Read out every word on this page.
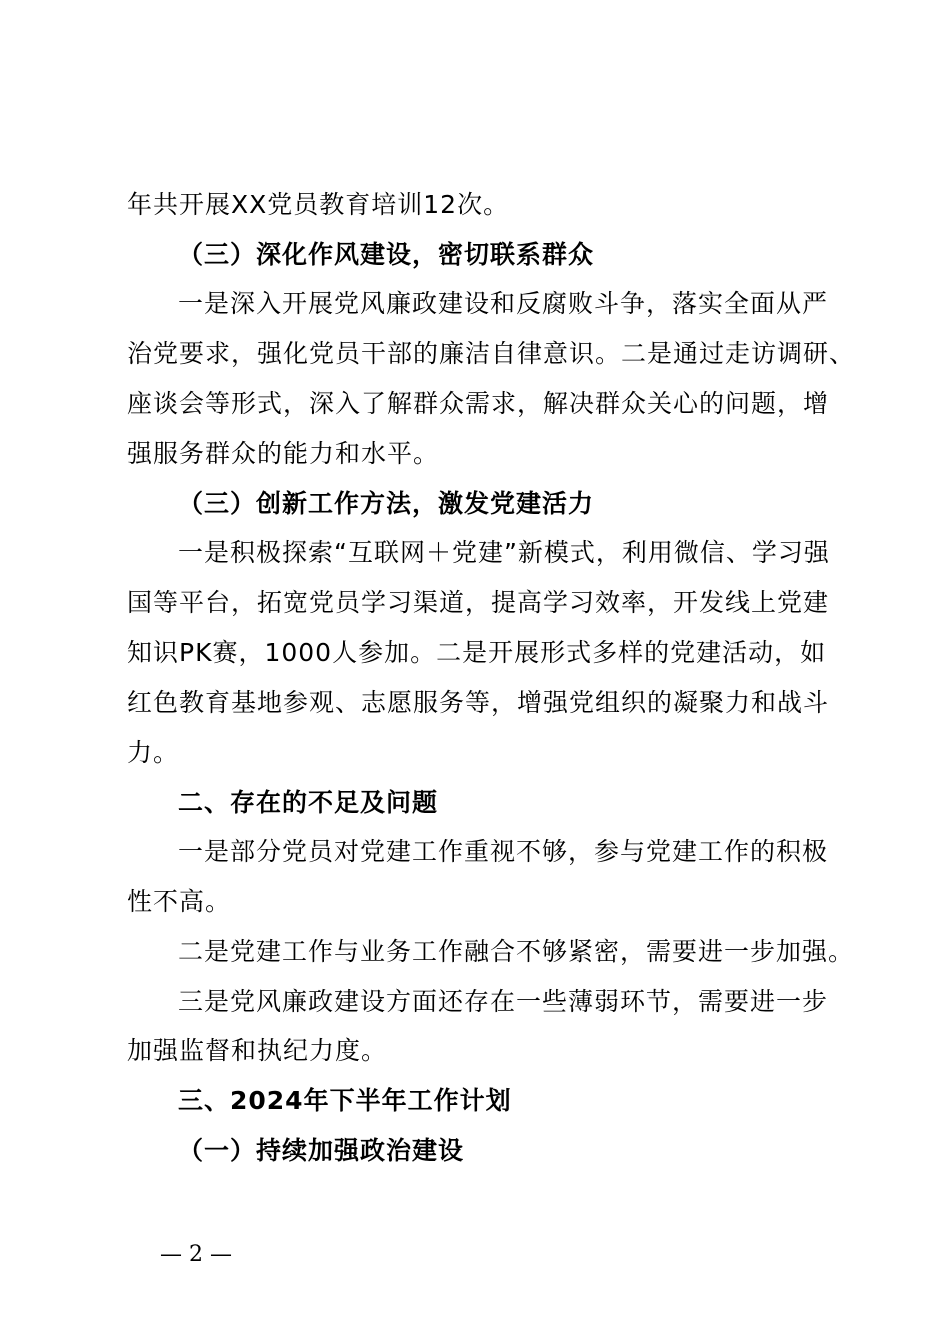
年共开展XX党员教育培训12次。
（三）深化作风建设，密切联系群众
一是深入开展党风廉政建设和反腐败斗争，落实全面从严
治党要求，强化党员干部的廉洁自律意识。二是通过走访调研、
座谈会等形式，深入了解群众需求，解决群众关心的问题，增
强服务群众的能力和水平。
（三）创新工作方法，激发党建活力
一是积极探索“互联网＋党建”新模式，利用微信、学习强
国等平台，拓宽党员学习渠道，提高学习效率，开发线上党建
知识PK赛，1000人参加。二是开展形式多样的党建活动，如
红色教育基地参观、志愿服务等，增强党组织的凝聚力和战斗
力。
二、存在的不足及问题
一是部分党员对党建工作重视不够，参与党建工作的积极
性不高。
二是党建工作与业务工作融合不够紧密，需要进一步加强。
三是党风廉政建设方面还存在一些薄弱环节，需要进一步
加强监督和执纪力度。
三、2024年下半年工作计划
（一）持续加强政治建设
— 2 —
